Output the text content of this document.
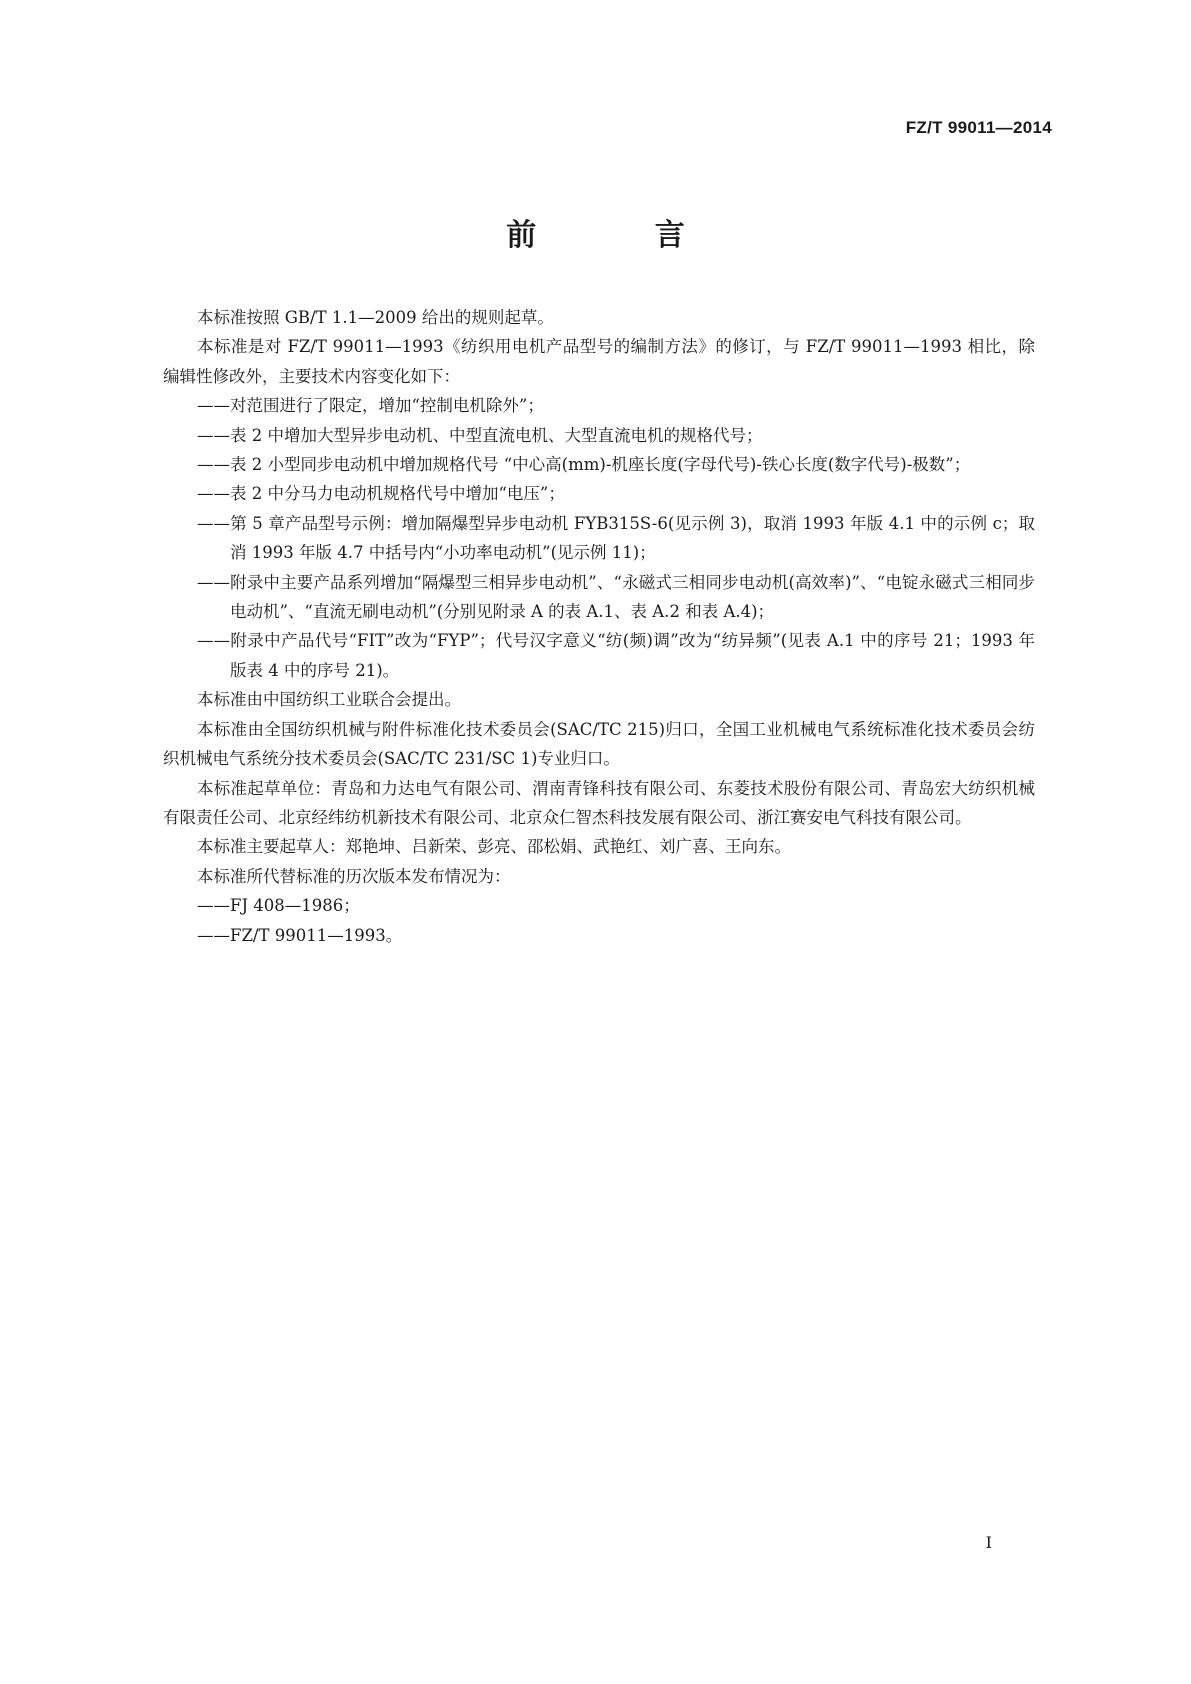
FZ/T 99011—2014
前 言

本标准按照 GB/T 1.1—2009 给出的规则起草。

本标准是对 FZ/T 99011—1993《纺织用电机产品型号的编制方法》的修订，与 FZ/T 99011—1993 相比，除编辑性修改外，主要技术内容变化如下：

——对范围进行了限定，增加“控制电机除外”；

——表 2 中增加大型异步电动机、中型直流电机、大型直流电机的规格代号；

——表 2 小型同步电动机中增加规格代号 “中心高(mm)-机座长度(字母代号)-铁心长度(数字代号)-极数”；

——表 2 中分马力电动机规格代号中增加“电压”；

——第 5 章产品型号示例：增加隔爆型异步电动机 FYB315S-6(见示例 3)，取消 1993 年版 4.1 中的示例 c；取消 1993 年版 4.7 中括号内“小功率电动机”(见示例 11)；

——附录中主要产品系列增加“隔爆型三相异步电动机”、“永磁式三相同步电动机(高效率)”、“电锭永磁式三相同步电动机”、“直流无刷电动机”(分别见附录 A 的表 A.1、表 A.2 和表 A.4)；

——附录中产品代号“FIT”改为“FYP”；代号汉字意义“纺(频)调”改为“纺异频”(见表 A.1 中的序号 21；1993 年版表 4 中的序号 21)。

本标准由中国纺织工业联合会提出。

本标准由全国纺织机械与附件标准化技术委员会(SAC/TC 215)归口，全国工业机械电气系统标准化技术委员会纺织机械电气系统分技术委员会(SAC/TC 231/SC 1)专业归口。

本标准起草单位：青岛和力达电气有限公司、渭南青锋科技有限公司、东菱技术股份有限公司、青岛宏大纺织机械有限责任公司、北京经纬纺机新技术有限公司、北京众仁智杰科技发展有限公司、浙江赛安电气科技有限公司。

本标准主要起草人：郑艳坤、吕新荣、彭亮、邵松娟、武艳红、刘广喜、王向东。

本标准所代替标准的历次版本发布情况为：

——FJ 408—1986；

——FZ/T 99011—1993。

I
